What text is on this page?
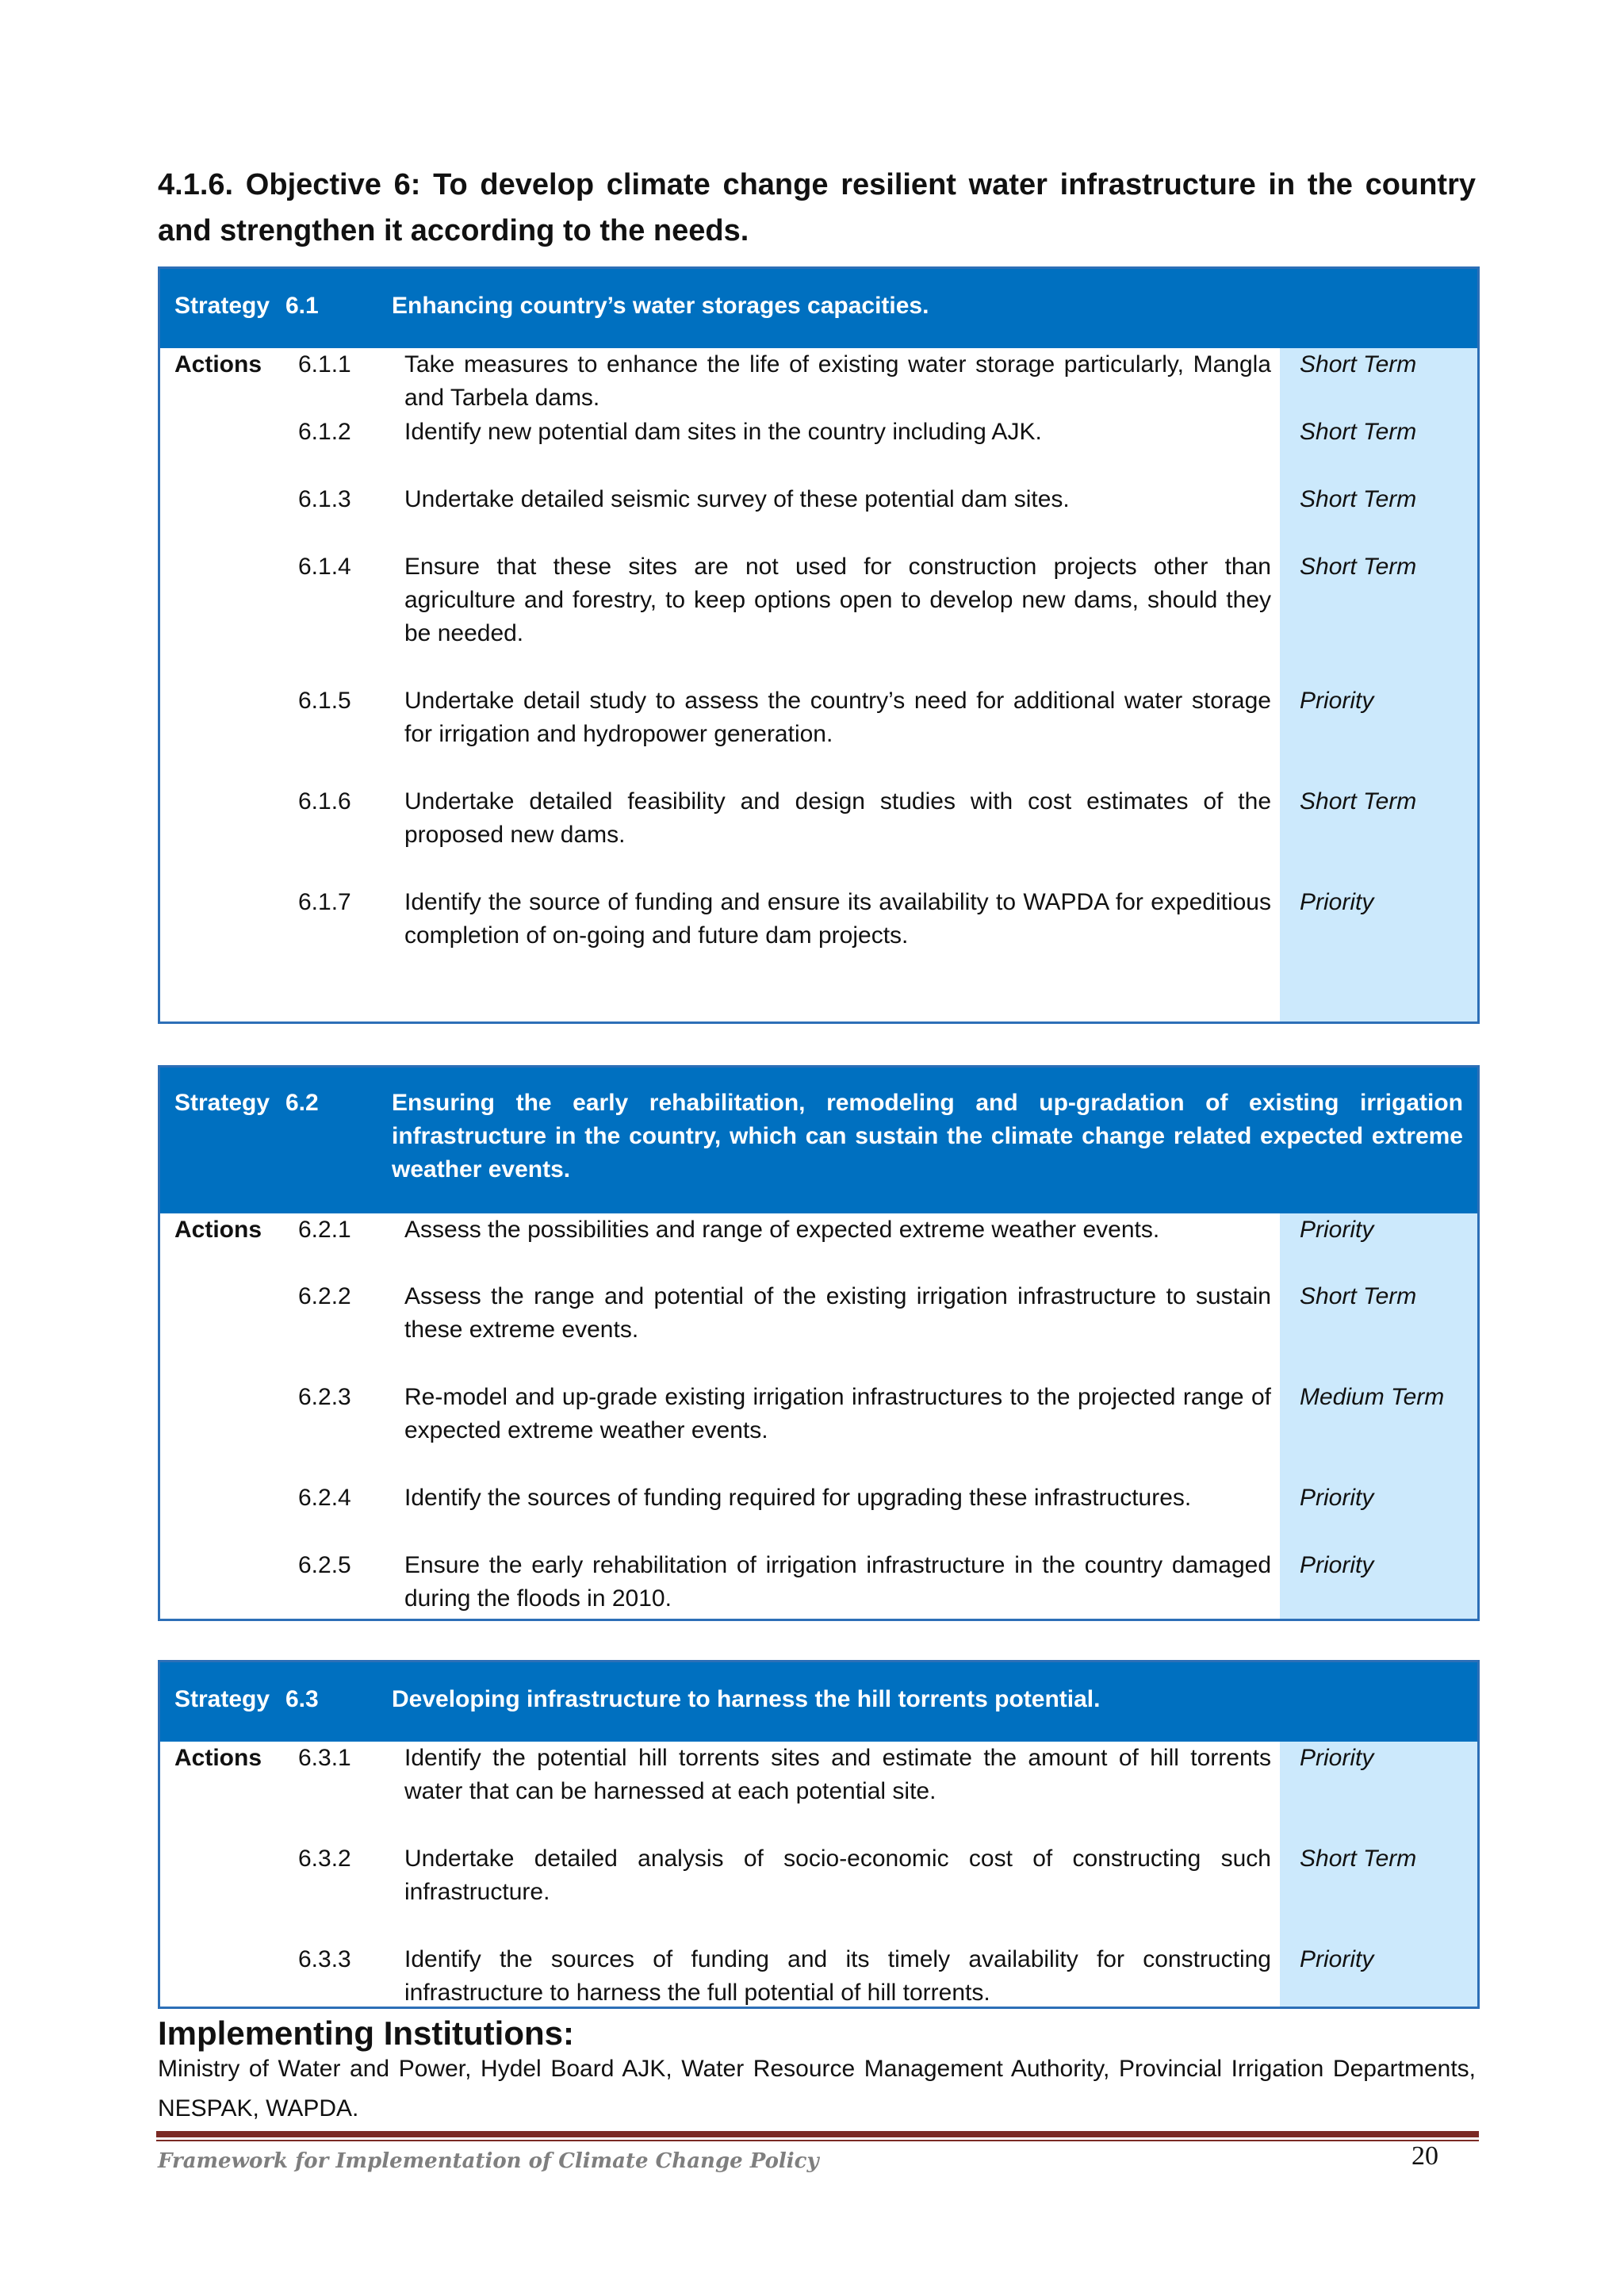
4.1.6. Objective 6: To develop climate change resilient water infrastructure in the country and strengthen it according to the needs.
Strategy 6.1	Enhancing country’s water storages capacities.
Actions 6.1.1 Take measures to enhance the life of existing water storage particularly, Mangla and Tarbela dams.
Short Term
6.1.2 Identify new potential dam sites in the country including AJK.	Short Term
6.1.3 Undertake detailed seismic survey of these potential dam sites.	Short Term
6.1.4 Ensure that these sites are not used for construction projects other than agriculture and forestry, to keep options open to develop new dams, should they be needed.
Short Term
6.1.5 Undertake detail study to assess the country’s need for additional water storage for irrigation and hydropower generation.
Priority
6.1.6 Undertake detailed feasibility and design studies with cost estimates of the proposed new dams.
Short Term
6.1.7 Identify the source of funding and ensure its availability to WAPDA for expeditious completion of on-going and future dam projects.
Priority
Strategy 6.2	Ensuring the early rehabilitation, remodeling and up-gradation of existing irrigation infrastructure in the country, which can sustain the climate change related expected extreme weather events.
Actions 6.2.1 Assess the possibilities and range of expected extreme weather events.	Priority
6.2.2 Assess the range and potential of the existing irrigation infrastructure to sustain these extreme events.
Short Term
6.2.3 Re-model and up-grade existing irrigation infrastructures to the projected range of expected extreme weather events.
Medium Term
6.2.4 Identify the sources of funding required for upgrading these infrastructures.	Priority
6.2.5 Ensure the early rehabilitation of irrigation infrastructure in the country damaged during the floods in 2010.
Priority
Strategy 6.3	Developing infrastructure to harness the hill torrents potential.
Actions 6.3.1 Identify the potential hill torrents sites and estimate the amount of hill torrents water that can be harnessed at each potential site.
Priority
6.3.2 Undertake detailed analysis of socio-economic cost of constructing such infrastructure.
Short Term
6.3.3 Identify the sources of funding and its timely availability for constructing infrastructure to harness the full potential of hill torrents.
Priority
Implementing Institutions:
Ministry of Water and Power, Hydel Board AJK, Water Resource Management Authority, Provincial Irrigation Departments, NESPAK, WAPDA.
Framework for Implementation of Climate Change Policy	20
